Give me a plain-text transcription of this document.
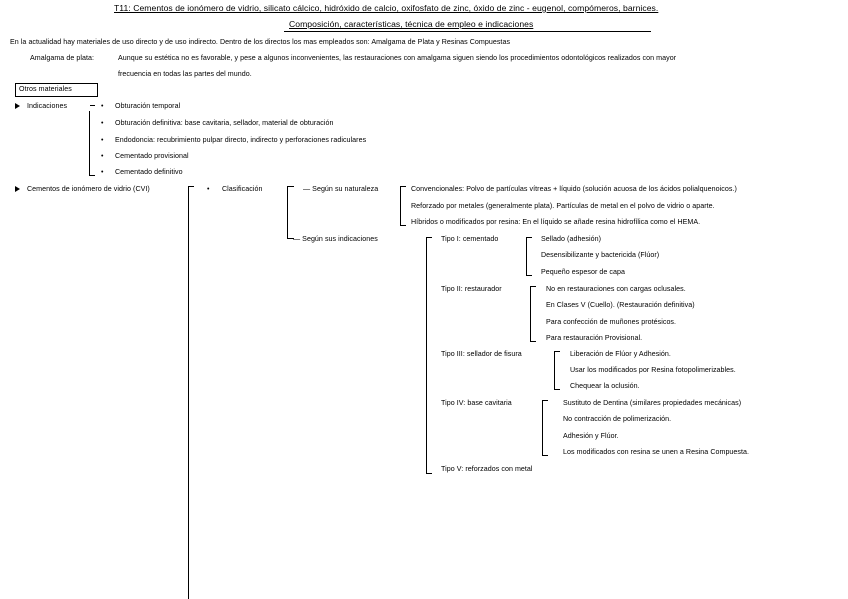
T11: Cementos de ionómero de vidrio, silicato cálcico, hidróxido de calcio, oxifosfato de zinc, óxido de zinc - eugenol, compómeros, barnices.
Composición, características, técnica de empleo e indicaciones
En la actualidad hay materiales de uso directo y de uso indirecto. Dentro de los directos los mas empleados son: Amalgama de Plata y Resinas Compuestas
Amalgama de plata:	Aunque su estética no es favorable, y pese a algunos inconvenientes, las restauraciones con amalgama siguen siendo los procedimientos odontológicos realizados con mayor
frecuencia en todas las partes del mundo.
Otros materiales
Indicaciones	• Obturación temporal
• Obturación definitiva: base cavitaria, sellador, material de obturación
• Endodoncia: recubrimiento pulpar directo, indirecto y perforaciones radiculares
• Cementado provisional
• Cementado definitivo
Cementos de ionómero de vidrio (CVI)	• Clasificación	— Según su naturaleza
— Según sus indicaciones
Convencionales: Polvo de partículas vítreas + líquido (solución acuosa de los ácidos polialquenoicos.)
Reforzado por metales (generalmente plata). Partículas de metal en el polvo de vidrio o aparte.
Híbridos o modificados por resina: En el líquido se añade resina hidrofílica como el HEMA.
Tipo I: cementado	Sellado (adhesión)
Desensibilizante y bactericida (Flúor)
Pequeño espesor de capa
Tipo II: restaurador	No en restauraciones con cargas oclusales.
En Clases V (Cuello). (Restauración definitiva)
Para confección de muñones protésicos.
Para restauración Provisional.
Tipo III: sellador de fisura	Liberación de Flúor y Adhesión.
Usar los modificados por Resina fotopolimerizables.
Chequear la oclusión.
Tipo IV: base cavitaria	Sustituto de Dentina (similares propiedades mecánicas)
No contracción de polimerización.
Adhesión y Flúor.
Los modificados con resina se unen a Resina Compuesta.
Tipo V: reforzados con metal
